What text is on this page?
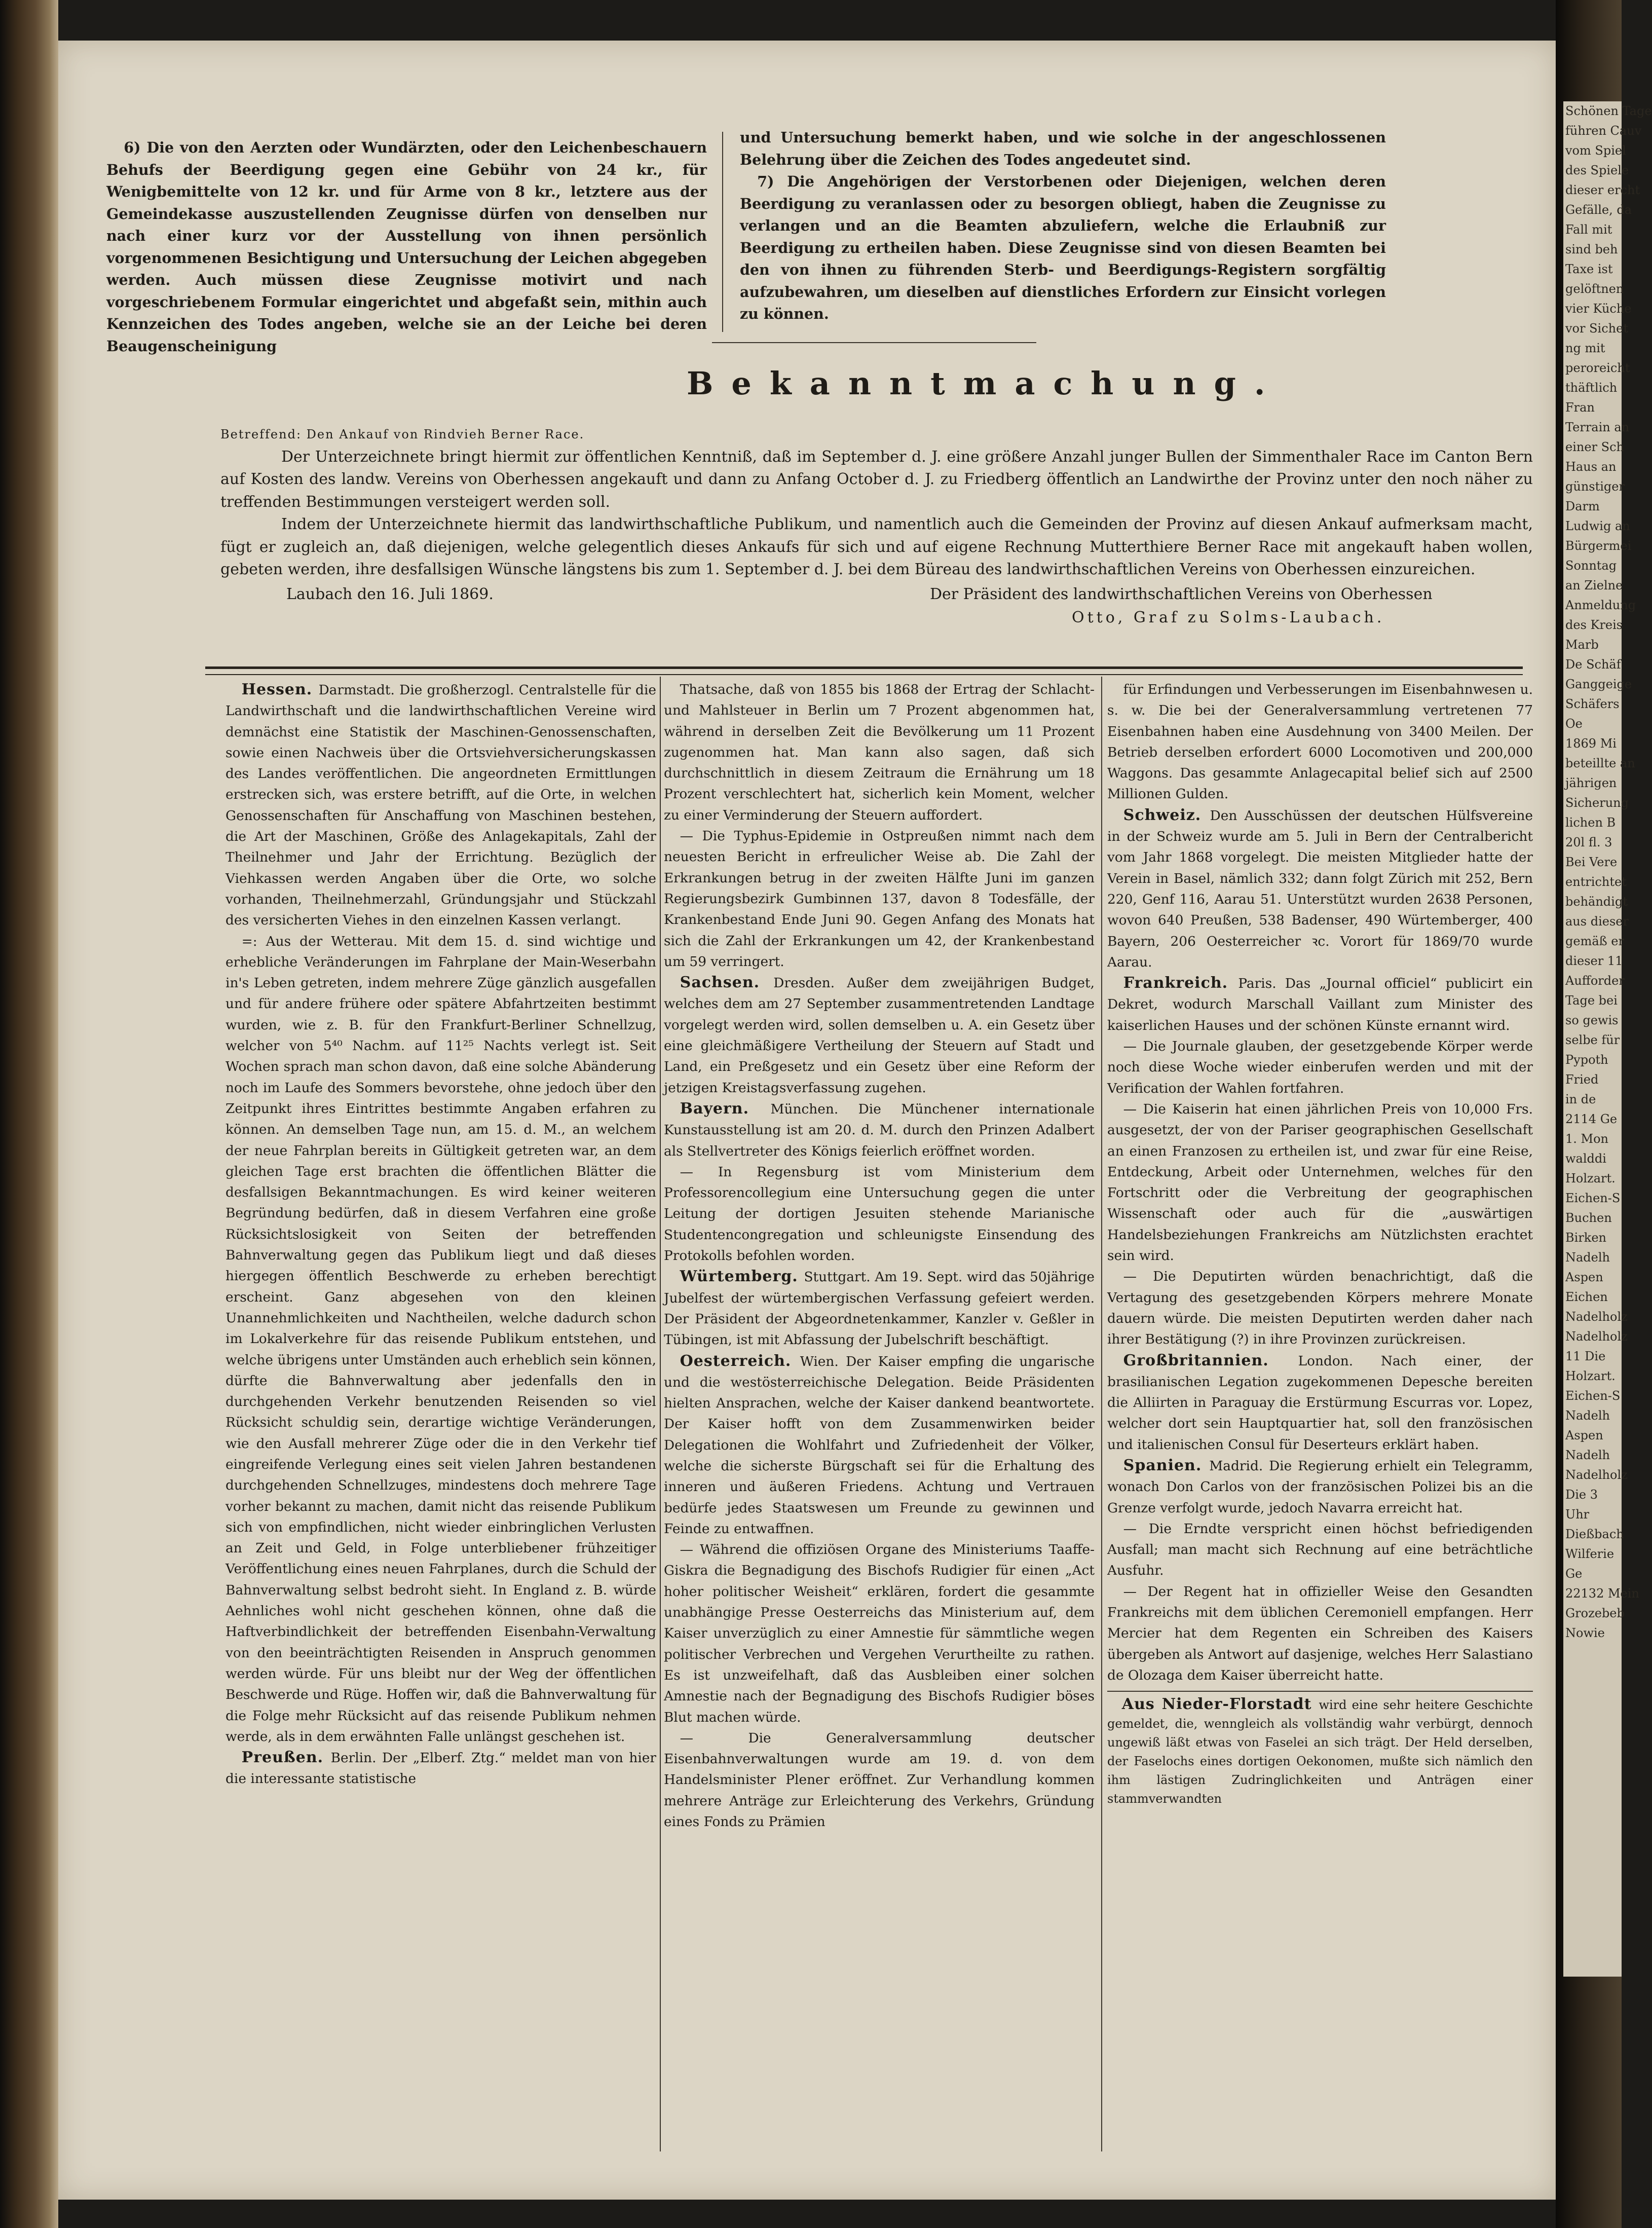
Schönen Tage
führen Cauv
vom Spiel
des Spiele
dieser ercht
Gefälle, da
Fall mit
sind beh
Taxe ist
gelöftnen
vier Küche
vor Sichet
ng mit
peroreicht
thäftlich
Fran
Terrain an
einer Sch
Haus an
günstiger
Darm
Ludwig an
Bürgermei
Sonntag
an Zielne
Anmeldung
des Kreis
Marb
De Schäf
Ganggeige
Schäfers
Oe
1869 Mi
beteillte an
jährigen
Sicherung
lichen B
20l fl. 3
Bei Vere
entrichtet
behändigt
aus dieser
gemäß er
dieser 11
Aufforder
Tage bei
so gewis
selbe für
Pypoth
Fried
in de
2114 Ge
1. Mon
walddi
Holzart.
Eichen-S
Buchen
Birken
Nadelh
Aspen
Eichen
Nadelholz
Nadelholz
11 Die
Holzart.
Eichen-S
Nadelh
Aspen
Nadelh
Nadelholz
Die 3
Uhr
Dießbach
Wilferie
Ge
22132 Mein
Grozebeb
Nowie

6) Die von den Aerzten oder Wundärzten, oder den Leichenbeschauern Behufs der Beerdigung gegen eine Gebühr von 24 kr., für Wenigbemittelte von 12 kr. und für Arme von 8 kr., letztere aus der Gemeindekasse auszustellenden Zeugnisse dürfen von denselben nur nach einer kurz vor der Ausstellung von ihnen persönlich vorgenommenen Besichtigung und Untersuchung der Leichen abgegeben werden. Auch müssen diese Zeugnisse motivirt und nach vorgeschriebenem Formular eingerichtet und abgefaßt sein, mithin auch Kennzeichen des Todes angeben, welche sie an der Leiche bei deren Beaugenscheinigung

und Untersuchung bemerkt haben, und wie solche in der angeschlossenen Belehrung über die Zeichen des Todes angedeutet sind.

7) Die Angehörigen der Verstorbenen oder Diejenigen, welchen deren Beerdigung zu veranlassen oder zu besorgen obliegt, haben die Zeugnisse zu verlangen und an die Beamten abzuliefern, welche die Erlaubniß zur Beerdigung zu ertheilen haben. Diese Zeugnisse sind von diesen Beamten bei den von ihnen zu führenden Sterb- und Beerdigungs-Registern sorgfältig aufzubewahren, um dieselben auf dienstliches Erfordern zur Einsicht vorlegen zu können.

Bekanntmachung.

Betreffend: Den Ankauf von Rindvieh Berner Race.

Der Unterzeichnete bringt hiermit zur öffentlichen Kenntniß, daß im September d. J. eine größere Anzahl junger Bullen der Simmenthaler Race im Canton Bern auf Kosten des landw. Vereins von Oberhessen angekauft und dann zu Anfang October d. J. zu Friedberg öffentlich an Landwirthe der Provinz unter den noch näher zu treffenden Bestimmungen versteigert werden soll.

Indem der Unterzeichnete hiermit das landwirthschaftliche Publikum, und namentlich auch die Gemeinden der Provinz auf diesen Ankauf aufmerksam macht, fügt er zugleich an, daß diejenigen, welche gelegentlich dieses Ankaufs für sich und auf eigene Rechnung Mutterthiere Berner Race mit angekauft haben wollen, gebeten werden, ihre desfallsigen Wünsche längstens bis zum 1. September d. J. bei dem Büreau des landwirthschaftlichen Vereins von Oberhessen einzureichen.

Laubach den 16. Juli 1869.	Der Präsident des landwirthschaftlichen Vereins von Oberhessen
Otto, Graf zu Solms-Laubach.

Hessen. Darmstadt. Die großherzogl. Centralstelle für die Landwirthschaft und die landwirthschaftlichen Vereine wird demnächst eine Statistik der Maschinen-Genossenschaften, sowie einen Nachweis über die Ortsviehversicherungskassen des Landes veröffentlichen. Die angeordneten Ermittlungen erstrecken sich, was erstere betrifft, auf die Orte, in welchen Genossenschaften für Anschaffung von Maschinen bestehen, die Art der Maschinen, Größe des Anlagekapitals, Zahl der Theilnehmer und Jahr der Errichtung. Bezüglich der Viehkassen werden Angaben über die Orte, wo solche vorhanden, Theilnehmerzahl, Gründungsjahr und Stückzahl des versicherten Viehes in den einzelnen Kassen verlangt.

=: Aus der Wetterau. Mit dem 15. d. sind wichtige und erhebliche Veränderungen im Fahrplane der Main-Weserbahn in's Leben getreten, indem mehrere Züge gänzlich ausgefallen und für andere frühere oder spätere Abfahrtzeiten bestimmt wurden, wie z. B. für den Frankfurt-Berliner Schnellzug, welcher von 5⁴⁰ Nachm. auf 11²⁵ Nachts verlegt ist. Seit Wochen sprach man schon davon, daß eine solche Abänderung noch im Laufe des Sommers bevorstehe, ohne jedoch über den Zeitpunkt ihres Eintrittes bestimmte Angaben erfahren zu können. An demselben Tage nun, am 15. d. M., an welchem der neue Fahrplan bereits in Gültigkeit getreten war, an dem gleichen Tage erst brachten die öffentlichen Blätter die desfallsigen Bekanntmachungen. Es wird keiner weiteren Begründung bedürfen, daß in diesem Verfahren eine große Rücksichtslosigkeit von Seiten der betreffenden Bahnverwaltung gegen das Publikum liegt und daß dieses hiergegen öffentlich Beschwerde zu erheben berechtigt erscheint. Ganz abgesehen von den kleinen Unannehmlichkeiten und Nachtheilen, welche dadurch schon im Lokalverkehre für das reisende Publikum entstehen, und welche übrigens unter Umständen auch erheblich sein können, dürfte die Bahnverwaltung aber jedenfalls den in durchgehenden Verkehr benutzenden Reisenden so viel Rücksicht schuldig sein, derartige wichtige Veränderungen, wie den Ausfall mehrerer Züge oder die in den Verkehr tief eingreifende Verlegung eines seit vielen Jahren bestandenen durchgehenden Schnellzuges, mindestens doch mehrere Tage vorher bekannt zu machen, damit nicht das reisende Publikum sich von empfindlichen, nicht wieder einbringlichen Verlusten an Zeit und Geld, in Folge unterbliebener frühzeitiger Veröffentlichung eines neuen Fahrplanes, durch die Schuld der Bahnverwaltung selbst bedroht sieht. In England z. B. würde Aehnliches wohl nicht geschehen können, ohne daß die Haftverbindlichkeit der betreffenden Eisenbahn-Verwaltung von den beeinträchtigten Reisenden in Anspruch genommen werden würde. Für uns bleibt nur der Weg der öffentlichen Beschwerde und Rüge. Hoffen wir, daß die Bahnverwaltung für die Folge mehr Rücksicht auf das reisende Publikum nehmen werde, als in dem erwähnten Falle unlängst geschehen ist.

Preußen. Berlin. Der „Elberf. Ztg.“ meldet man von hier die interessante statistische

Thatsache, daß von 1855 bis 1868 der Ertrag der Schlacht- und Mahlsteuer in Berlin um 7 Prozent abgenommen hat, während in derselben Zeit die Bevölkerung um 11 Prozent zugenommen hat. Man kann also sagen, daß sich durchschnittlich in diesem Zeitraum die Ernährung um 18 Prozent verschlechtert hat, sicherlich kein Moment, welcher zu einer Verminderung der Steuern auffordert.

— Die Typhus-Epidemie in Ostpreußen nimmt nach dem neuesten Bericht in erfreulicher Weise ab. Die Zahl der Erkrankungen betrug in der zweiten Hälfte Juni im ganzen Regierungsbezirk Gumbinnen 137, davon 8 Todesfälle, der Krankenbestand Ende Juni 90. Gegen Anfang des Monats hat sich die Zahl der Erkrankungen um 42, der Krankenbestand um 59 verringert.

Sachsen. Dresden. Außer dem zweijährigen Budget, welches dem am 27 September zusammentretenden Landtage vorgelegt werden wird, sollen demselben u. A. ein Gesetz über eine gleichmäßigere Vertheilung der Steuern auf Stadt und Land, ein Preßgesetz und ein Gesetz über eine Reform der jetzigen Kreistagsverfassung zugehen.

Bayern. München. Die Münchener internationale Kunstausstellung ist am 20. d. M. durch den Prinzen Adalbert als Stellvertreter des Königs feierlich eröffnet worden.

— In Regensburg ist vom Ministerium dem Professorencollegium eine Untersuchung gegen die unter Leitung der dortigen Jesuiten stehende Marianische Studentencongregation und schleunigste Einsendung des Protokolls befohlen worden.

Würtemberg. Stuttgart. Am 19. Sept. wird das 50jährige Jubelfest der würtembergischen Verfassung gefeiert werden. Der Präsident der Abgeordnetenkammer, Kanzler v. Geßler in Tübingen, ist mit Abfassung der Jubelschrift beschäftigt.

Oesterreich. Wien. Der Kaiser empfing die ungarische und die westösterreichische Delegation. Beide Präsidenten hielten Ansprachen, welche der Kaiser dankend beantwortete. Der Kaiser hofft von dem Zusammenwirken beider Delegationen die Wohlfahrt und Zufriedenheit der Völker, welche die sicherste Bürgschaft sei für die Erhaltung des inneren und äußeren Friedens. Achtung und Vertrauen bedürfe jedes Staatswesen um Freunde zu gewinnen und Feinde zu entwaffnen.

— Während die offiziösen Organe des Ministeriums Taaffe-Giskra die Begnadigung des Bischofs Rudigier für einen „Act hoher politischer Weisheit“ erklären, fordert die gesammte unabhängige Presse Oesterreichs das Ministerium auf, dem Kaiser unverzüglich zu einer Amnestie für sämmtliche wegen politischer Verbrechen und Vergehen Verurtheilte zu rathen. Es ist unzweifelhaft, daß das Ausbleiben einer solchen Amnestie nach der Begnadigung des Bischofs Rudigier böses Blut machen würde.

— Die Generalversammlung deutscher Eisenbahnverwaltungen wurde am 19. d. von dem Handelsminister Plener eröffnet. Zur Verhandlung kommen mehrere Anträge zur Erleichterung des Verkehrs, Gründung eines Fonds zu Prämien

für Erfindungen und Verbesserungen im Eisenbahnwesen u. s. w. Die bei der Generalversammlung vertretenen 77 Eisenbahnen haben eine Ausdehnung von 3400 Meilen. Der Betrieb derselben erfordert 6000 Locomotiven und 200,000 Waggons. Das gesammte Anlagecapital belief sich auf 2500 Millionen Gulden.

Schweiz. Den Ausschüssen der deutschen Hülfsvereine in der Schweiz wurde am 5. Juli in Bern der Centralbericht vom Jahr 1868 vorgelegt. Die meisten Mitglieder hatte der Verein in Basel, nämlich 332; dann folgt Zürich mit 252, Bern 220, Genf 116, Aarau 51. Unterstützt wurden 2638 Personen, wovon 640 Preußen, 538 Badenser, 490 Würtemberger, 400 Bayern, 206 Oesterreicher ꝛc. Vorort für 1869/70 wurde Aarau.

Frankreich. Paris. Das „Journal officiel“ publicirt ein Dekret, wodurch Marschall Vaillant zum Minister des kaiserlichen Hauses und der schönen Künste ernannt wird.

— Die Journale glauben, der gesetzgebende Körper werde noch diese Woche wieder einberufen werden und mit der Verification der Wahlen fortfahren.

— Die Kaiserin hat einen jährlichen Preis von 10,000 Frs. ausgesetzt, der von der Pariser geographischen Gesellschaft an einen Franzosen zu ertheilen ist, und zwar für eine Reise, Entdeckung, Arbeit oder Unternehmen, welches für den Fortschritt oder die Verbreitung der geographischen Wissenschaft oder auch für die „auswärtigen Handelsbeziehungen Frankreichs am Nützlichsten erachtet sein wird.

— Die Deputirten würden benachrichtigt, daß die Vertagung des gesetzgebenden Körpers mehrere Monate dauern würde. Die meisten Deputirten werden daher nach ihrer Bestätigung (?) in ihre Provinzen zurückreisen.

Großbritannien. London. Nach einer, der brasilianischen Legation zugekommenen Depesche bereiten die Alliirten in Paraguay die Erstürmung Escurras vor. Lopez, welcher dort sein Hauptquartier hat, soll den französischen und italienischen Consul für Deserteurs erklärt haben.

Spanien. Madrid. Die Regierung erhielt ein Telegramm, wonach Don Carlos von der französischen Polizei bis an die Grenze verfolgt wurde, jedoch Navarra erreicht hat.

— Die Erndte verspricht einen höchst befriedigenden Ausfall; man macht sich Rechnung auf eine beträchtliche Ausfuhr.

— Der Regent hat in offizieller Weise den Gesandten Frankreichs mit dem üblichen Ceremoniell empfangen. Herr Mercier hat dem Regenten ein Schreiben des Kaisers übergeben als Antwort auf dasjenige, welches Herr Salastiano de Olozaga dem Kaiser überreicht hatte.

Aus Nieder-Florstadt wird eine sehr heitere Geschichte gemeldet, die, wenngleich als vollständig wahr verbürgt, dennoch ungewiß läßt etwas von Faselei an sich trägt. Der Held derselben, der Faselochs eines dortigen Oekonomen, mußte sich nämlich den ihm lästigen Zudringlichkeiten und Anträgen einer stammverwandten
